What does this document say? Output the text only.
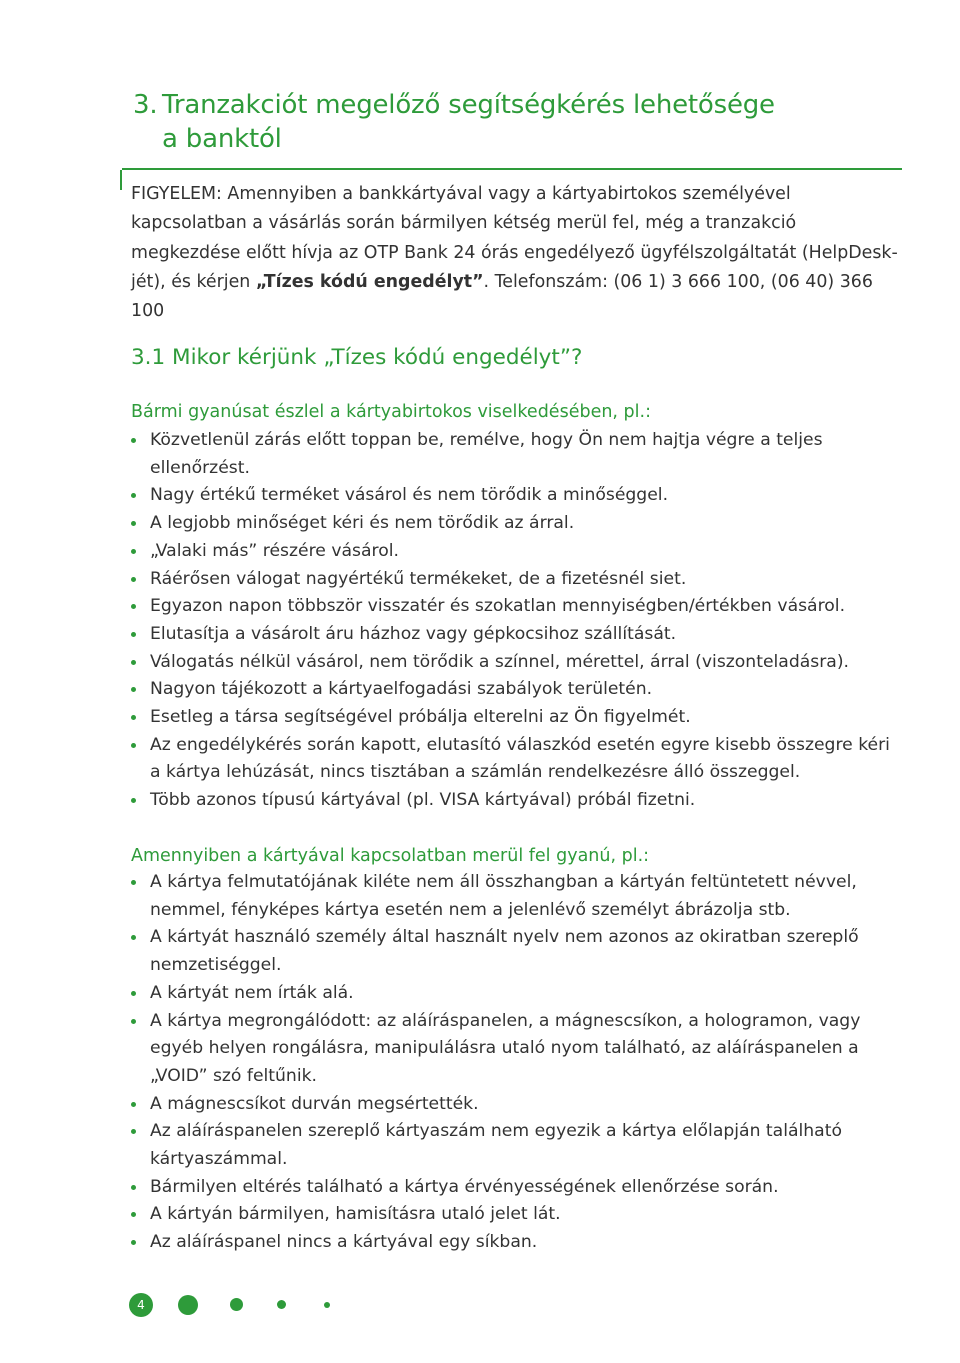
3. Tranzakciót megelőző segítségkérés lehetősége
a banktól
FIGYELEM: Amennyiben a bankkártyával vagy a kártyabirtokos személyével kapcsolatban a vásárlás során bármilyen kétség merül fel, még a tranzakció megkezdése előtt hívja az OTP Bank 24 órás engedélyező ügyfélszolgáltatát (HelpDesk-jét), és kérjen „Tízes kódú engedélyt”. Telefonszám: (06 1) 3 666 100, (06 40) 366 100
3.1 Mikor kérjünk „Tízes kódú engedélyt”?
Bármi gyanúsat észlel a kártyabirtokos viselkedésében, pl.:
Közvetlenül zárás előtt toppan be, remélve, hogy Ön nem hajtja végre a teljes ellenőrzést.
Nagy értékű terméket vásárol és nem törődik a minőséggel.
A legjobb minőséget kéri és nem törődik az árral.
„Valaki más” részére vásárol.
Ráérősen válogat nagyértékű termékeket, de a fizetésnél siet.
Egyazon napon többször visszatér és szokatlan mennyiségben/értékben vásárol.
Elutasítja a vásárolt áru házhoz vagy gépkocsihoz szállítását.
Válogatás nélkül vásárol, nem törődik a színnel, mérettel, árral (viszonteladásra).
Nagyon tájékozott a kártyaelfogadási szabályok területén.
Esetleg a társa segítségével próbálja elterelni az Ön figyelmét.
Az engedélykérés során kapott, elutasító válaszkód esetén egyre kisebb összegre kéri a kártya lehúzását, nincs tisztában a számlán rendelkezésre álló összeggel.
Több azonos típusú kártyával (pl. VISA kártyával) próbál fizetni.
Amennyiben a kártyával kapcsolatban merül fel gyanú, pl.:
A kártya felmutatójának kiléte nem áll összhangban a kártyán feltüntetett névvel, nemmel, fényképes kártya esetén nem a jelenlévő személyt ábrázolja stb.
A kártyát használó személy által használt nyelv nem azonos az okiratban szereplő nemzetiséggel.
A kártyát nem írták alá.
A kártya megrongálódott: az aláíráspanelen, a mágnescsíkon, a hologramon, vagy egyéb helyen rongálásra, manipulálásra utaló nyom található, az aláíráspanelen a „VOID” szó feltűnik.
A mágnescsíkot durván megsértették.
Az aláíráspanelen szereplő kártyaszám nem egyezik a kártya előlapján található kártyaszámmal.
Bármilyen eltérés található a kártya érvényességének ellenőrzése során.
A kártyán bármilyen, hamisításra utaló jelet lát.
Az aláíráspanel nincs a kártyával egy síkban.
4
